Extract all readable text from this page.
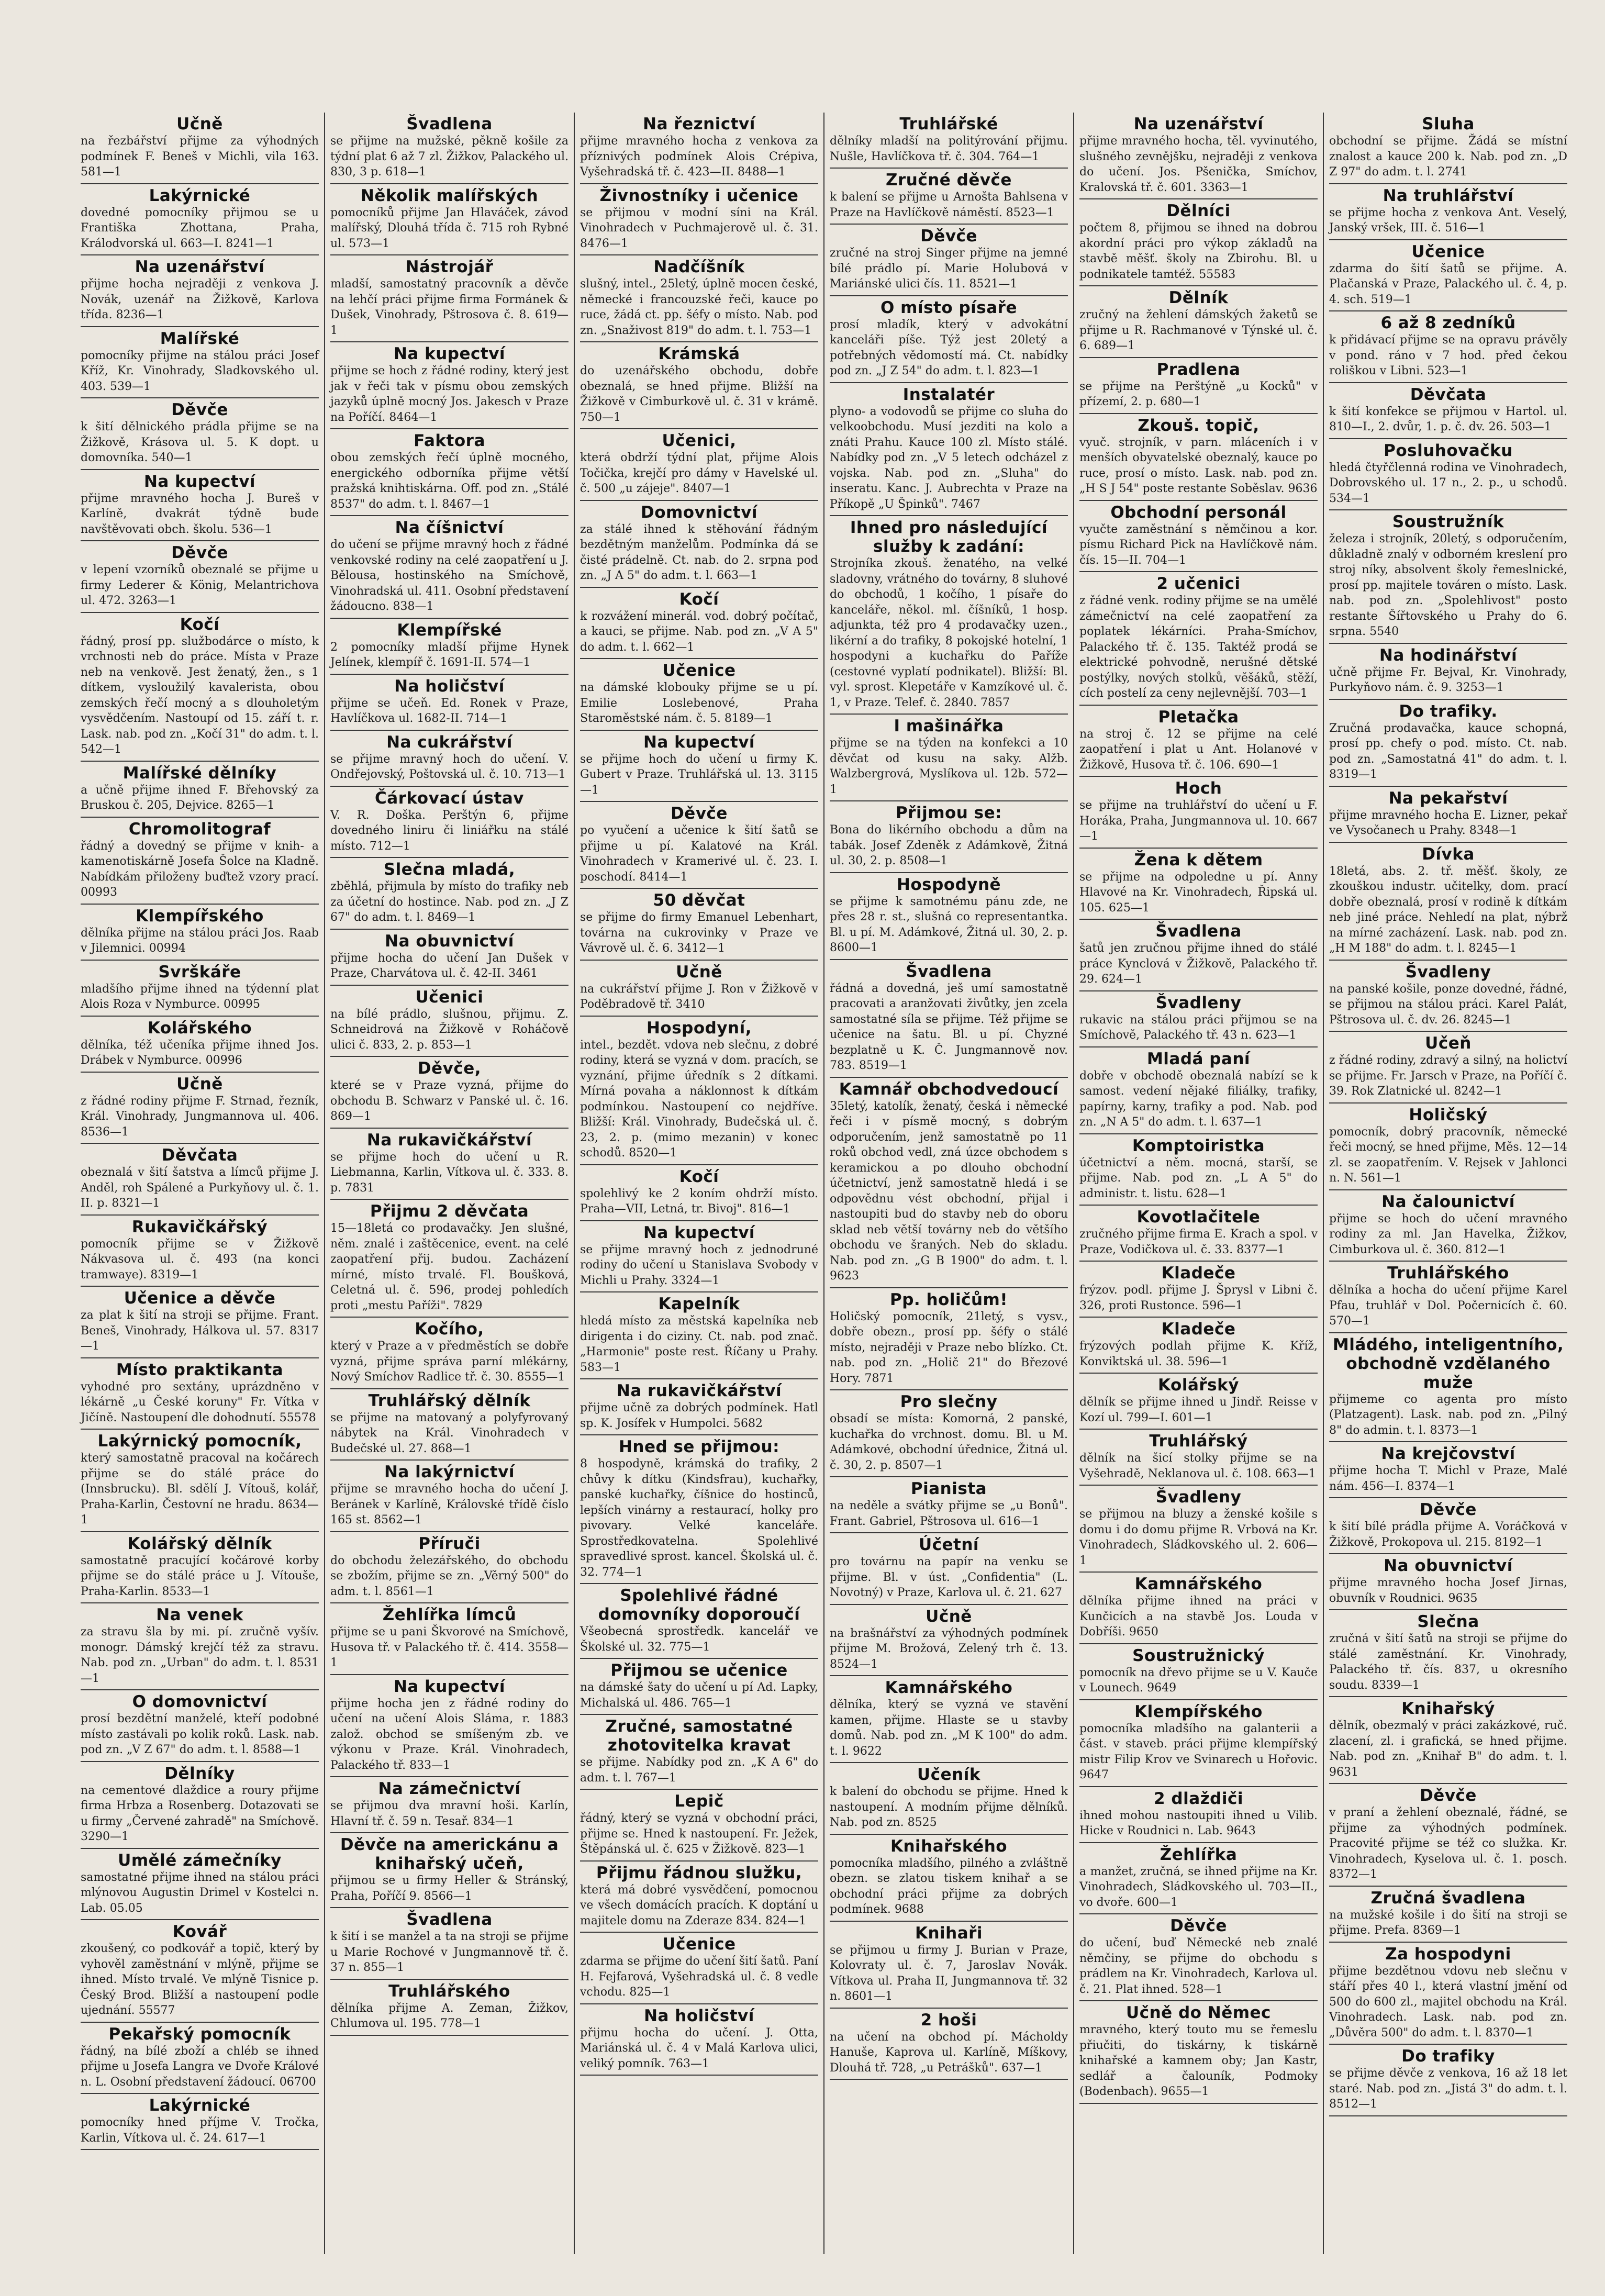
Učně
na řezbářství přijme za výhodných podmínek F. Beneš v Michli, vila 163. 581—1
Lakýrnické
dovedné pomocníky přijmou se u Františka Zhottana, Praha, Králodvorská ul. 663—I. 8241—1
Na uzenářství
přijme hocha nejraději z venkova J. Novák, uzenář na Žižkově, Karlova třída. 8236—1
Malířské
pomocníky přijme na stálou práci Josef Kříž, Kr. Vinohrady, Sladkovského ul. 403. 539—1
Děvče
k šití dělnického prádla přijme se na Žižkově, Krásova ul. 5. K dopt. u domovníka. 540—1
Na kupectví
přijme mravného hocha J. Bureš v Karlíně, dvakrát týdně bude navštěvovati obch. školu. 536—1
Děvče
v lepení vzorníků obeznalé se přijme u firmy Lederer & König, Melantrichova ul. 472. 3263—1
Kočí
řádný, prosí pp. službodárce o místo, k vrchnosti neb do práce. Místa v Praze neb na venkově. Jest ženatý, žen., s 1 dítkem, vysloužilý kavalerista, obou zemských řečí mocný a s dlouholetým vysvědčením. Nastoupí od 15. září t. r. Lask. nab. pod zn. „Kočí 31" do adm. t. l. 542—1
Malířské dělníky
a učně přijme ihned F. Břehovský za Bruskou č. 205, Dejvice. 8265—1
Chromolitograf
řádný a dovedný se přijme v knih- a kamenotiskárně Josefa Šolce na Kladně. Nabídkám přiloženy buďtež vzory prací. 00993
Klempířského
dělníka přijme na stálou práci Jos. Raab v Jilemnici. 00994
Svrškáře
mladšího přijme ihned na týdenní plat Alois Roza v Nymburce. 00995
Kolářského
dělníka, též učeníka přijme ihned Jos. Drábek v Nymburce. 00996
Učně
z řádné rodiny přijme F. Strnad, řezník, Král. Vinohrady, Jungmannova ul. 406. 8536—1
Děvčata
obeznalá v šití šatstva a límců přijme J. Anděl, roh Spálené a Purkyňovy ul. č. 1. II. p. 8321—1
Rukavičkářský
pomocník přijme se v Žižkově Nákvasova ul. č. 493 (na konci tramwaye). 8319—1
Učenice a děvče
za plat k šití na stroji se přijme. Frant. Beneš, Vinohrady, Hálkova ul. 57. 8317—1
Místo praktikanta
vyhodné pro sextány, uprázdněno v lékárně „u České koruny" Fr. Vítka v Jičíně. Nastoupení dle dohodnutí. 55578
Lakýrnický pomocník,
který samostatně pracoval na kočárech přijme se do stálé práce do (Innsbrucku). Bl. sdělí J. Vítouš, kolář, Praha-Karlin, Čestovní ne hradu. 8634—1
Kolářský dělník
samostatně pracující kočárové korby přijme se do stálé práce u J. Vítouše, Praha-Karlin. 8533—1
Na venek
za stravu šla by mi. pí. zručně vyšív. monogr. Dámský krejčí též za stravu. Nab. pod zn. „Urban" do adm. t. l. 8531—1
O domovnictví
prosí bezdětní manželé, kteří podobné místo zastávali po kolik roků. Lask. nab. pod zn. „V Z 67" do adm. t. l. 8588—1
Dělníky
na cementové dlaždice a roury přijme firma Hrbza a Rosenberg. Dotazovati se u firmy „Červené zahradě" na Smíchově. 3290—1
Umělé zámečníky
samostatné přijme ihned na stálou práci mlýnovou Augustin Drimel v Kostelci n. Lab. 05.05
Kovář
zkoušený, co podkovář a topič, který by vyhověl zaměstnání v mlýně, přijme se ihned. Místo trvalé. Ve mlýně Tisnice p. Český Brod. Bližší a nastoupení podle ujednání. 55577
Pekařský pomocník
řádný, na bílé zboží a chléb se ihned přijme u Josefa Langra ve Dvoře Králové n. L. Osobní představení žádoucí. 06700
Lakýrnické
pomocníky hned příjme V. Tročka, Karlin, Vítkova ul. č. 24. 617—1
Švadlena
se přijme na mužské, pěkně košile za týdní plat 6 až 7 zl. Žižkov, Palackého ul. 830, 3 p. 618—1
Několik malířských
pomocníků přijme Jan Hlaváček, závod malířský, Dlouhá třída č. 715 roh Rybné ul. 573—1
Nástrojář
mladší, samostatný pracovník a děvče na lehčí práci přijme firma Formánek & Dušek, Vinohrady, Pštrosova č. 8. 619—1
Na kupectví
přijme se hoch z řádné rodiny, který jest jak v řeči tak v písmu obou zemských jazyků úplně mocný Jos. Jakesch v Praze na Poříčí. 8464—1
Faktora
obou zemských řečí úplně mocného, energického odborníka přijme větší pražská knihtiskárna. Off. pod zn. „Stálé 8537" do adm. t. l. 8467—1
Na číšnictví
do učení se přijme mravný hoch z řádné venkovské rodiny na celé zaopatření u J. Bělousa, hostinského na Smíchově, Vinohradská ul. 411. Osobní představení žádoucno. 838—1
Klempířské
2 pomocníky mladší přijme Hynek Jelínek, klempíř č. 1691-II. 574—1
Na holičství
přijme se učeň. Ed. Ronek v Praze, Havlíčkova ul. 1682-II. 714—1
Na cukrářství
se přijme mravný hoch do učení. V. Ondřejovský, Poštovská ul. č. 10. 713—1
Čárkovací ústav
V. R. Doška. Perštýn 6, přijme dovedného liniru či liniářku na stálé místo. 712—1
Slečna mladá,
zběhlá, přijmula by místo do trafiky neb za účetní do hostince. Nab. pod zn. „J Z 67" do adm. t. l. 8469—1
Na obuvnictví
přijme hocha do učení Jan Dušek v Praze, Charvátova ul. č. 42-II. 3461
Učenici
na bílé prádlo, slušnou, přijmu. Z. Schneidrová na Žižkově v Roháčově ulici č. 833, 2. p. 853—1
Děvče,
které se v Praze vyzná, přijme do obchodu B. Schwarz v Panské ul. č. 16. 869—1
Na rukavičkářství
se přijme hoch do učení u R. Liebmanna, Karlin, Vítkova ul. č. 333. 8. p. 7831
Přijmu 2 děvčata
15—18letá co prodavačky. Jen slušné, něm. znalé i zaštěcenice, event. na celé zaopatření přij. budou. Zacházení mírné, místo trvalé. Fl. Boušková, Celetná ul. č. 596, prodej pohledích proti „mestu Paříži". 7829
Kočího,
který v Praze a v předměstích se dobře vyzná, přijme správa parní mlékárny, Nový Smíchov Radlice tř. č. 30. 8555—1
Truhlářský dělník
se přijme na matovaný a polyfyrovaný nábytek na Král. Vinohradech v Budečské ul. 27. 868—1
Na lakýrnictví
přijme se mravného hocha do učení J. Beránek v Karlíně, Královské třídě číslo 165 st. 8562—1
Příruči
do obchodu železářského, do obchodu se zbožím, přijme se zn. „Věrný 500" do adm. t. l. 8561—1
Žehlířka límců
přijme se u pani Škvorové na Smíchově, Husova tř. v Palackého tř. č. 414. 3558—1
Na kupectví
přijme hocha jen z řádné rodiny do učení na učení Alois Sláma, r. 1883 založ. obchod se smíšeným zb. ve výkonu v Praze. Král. Vinohradech, Palackého tř. 833—1
Na zámečnictví
se přijmou dva mravní hoši. Karlín, Hlavní tř. č. 59 n. Tesař. 834—1
Děvče na americkánu a knihařský učeň,
přijmou se u firmy Heller & Stránský, Praha, Poříčí 9. 8566—1
Švadlena
k šití i se manžel a ta na stroji se přijme u Marie Rochové v Jungmannově tř. č. 37 n. 855—1
Truhlářského
dělníka přijme A. Zeman, Žižkov, Chlumova ul. 195. 778—1
Na řeznictví
přijme mravného hocha z venkova za příznivých podmínek Alois Crépiva, Vyšehradská tř. č. 423—II. 8488—1
Živnostníky i učenice
se přijmou v modní síni na Král. Vinohradech v Puchmajerově ul. č. 31. 8476—1
Nadčíšník
slušný, intel., 25letý, úplně mocen české, německé i francouzské řeči, kauce po ruce, žádá ct. pp. šéfy o místo. Nab. pod zn. „Snaživost 819" do adm. t. l. 753—1
Krámská
do uzenářského obchodu, dobře obeznalá, se hned přijme. Bližší na Žižkově v Cimburkově ul. č. 31 v krámě. 750—1
Učenici,
která obdrží týdní plat, přijme Alois Točička, krejčí pro dámy v Havelské ul. č. 500 „u zájeje". 8407—1
Domovnictví
za stálé ihned k stěhování řádným bezdětným manželům. Podmínka dá se čisté prádelně. Ct. nab. do 2. srpna pod zn. „J A 5" do adm. t. l. 663—1
Kočí
k rozvážení minerál. vod. dobrý počítač, a kauci, se přijme. Nab. pod zn. „V A 5" do adm. t. l. 662—1
Učenice
na dámské klobouky přijme se u pí. Emilie Loslebenové, Praha Staroměstské nám. č. 5. 8189—1
Na kupectví
se přijme hoch do učení u firmy K. Gubert v Praze. Truhlářská ul. 13. 3115—1
Děvče
po vyučení a učenice k šití šatů se přijme u pí. Kalatové na Král. Vinohradech v Kramerivé ul. č. 23. I. poschodí. 8414—1
50 děvčat
se přijme do firmy Emanuel Lebenhart, továrna na cukrovinky v Praze ve Vávrově ul. č. 6. 3412—1
Učně
na cukrářství přijme J. Ron v Žižkově v Poděbradově tř. 3410
Hospodyní,
intel., bezdět. vdova neb slečnu, z dobré rodiny, která se vyzná v dom. pracích, se vyznání, přijme úředník s 2 dítkami. Mírná povaha a náklonnost k dítkám podmínkou. Nastoupení co nejdříve. Bližší: Král. Vinohrady, Budečská ul. č. 23, 2. p. (mimo mezanin) v konec schodů. 8520—1
Kočí
spolehlivý ke 2 koním ohdrží místo. Praha—VII, Letná, tr. Bivoj". 816—1
Na kupectví
se přijme mravný hoch z jednodruné rodiny do učení u Stanislava Svobody v Michli u Prahy. 3324—1
Kapelník
hledá místo za městská kapelníka neb dirigenta i do ciziny. Ct. nab. pod znač. „Harmonie" poste rest. Říčany u Prahy. 583—1
Na rukavičkářství
přijme učně za dobrých podmínek. Hatl sp. K. Josífek v Humpolci. 5682
Hned se přijmou:
8 hospodyně, krámská do trafiky, 2 chůvy k dítku (Kindsfrau), kuchařky, panské kuchařky, číšnice do hostinců, lepších vinárny a restaurací, holky pro pivovary. Velké kanceláře. Sprostředkovatelna. Spolehlivé spravedlivé sprost. kancel. Školská ul. č. 32. 774—1
Spolehlivé řádné domovníky doporoučí
Všeobecná sprostředk. kancelář ve Školské ul. 32. 775—1
Přijmou se učenice
na dámské šaty do učení u pí Ad. Lapky, Michalská ul. 486. 765—1
Zručné, samostatné zhotovitelka kravat
se přijme. Nabídky pod zn. „K A 6" do adm. t. l. 767—1
Lepič
řádný, který se vyzná v obchodní práci, přijme se. Hned k nastoupení. Fr. Ježek, Štěpánská ul. č. 625 v Žižkově. 823—1
Přijmu řádnou služku,
která má dobré vysvědčení, pomocnou ve všech domácích pracích. K doptání u majitele domu na Zderaze 834. 824—1
Učenice
zdarma se přijme do učení šití šatů. Paní H. Fejfarová, Vyšehradská ul. č. 8 vedle vchodu. 825—1
Na holičství
přijmu hocha do učení. J. Otta, Mariánská ul. č. 4 v Malá Karlova ulici, veliký pomník. 763—1
Truhlářské
dělníky mladší na politýrování přijmu. Nušle, Havlíčkova tř. č. 304. 764—1
Zručné děvče
k balení se přijme u Arnošta Bahlsena v Praze na Havlíčkově náměstí. 8523—1
Děvče
zručné na stroj Singer přijme na jemné bílé prádlo pí. Marie Holubová v Mariánské ulici čís. 11. 8521—1
O místo písaře
prosí mladík, který v advokátní kanceláři píše. Týž jest 20letý a potřebných vědomostí má. Ct. nabídky pod zn. „J Z 54" do adm. t. l. 823—1
Instalatér
plyno- a vodovodů se přijme co sluha do velkoobchodu. Musí jezditi na kolo a znáti Prahu. Kauce 100 zl. Místo stálé. Nabídky pod zn. „V 5 letech odcházel z vojska. Nab. pod zn. „Sluha" do inseratu. Kanc. J. Aubrechta v Praze na Příkopě „U Špinků". 7467
Ihned pro následující služby k zadání:
Strojníka zkouš. ženatého, na velké sladovny, vrátného do továrny, 8 sluhové do obchodů, 1 kočího, 1 písaře do kanceláře, někol. ml. číšníků, 1 hosp. adjunkta, též pro 4 prodavačky uzen., likérní a do trafiky, 8 pokojské hotelní, 1 hospodyni a kuchařku do Paříže (cestovné vyplatí podnikatel). Bližší: Bl. vyl. sprost. Klepetáře v Kamzíkové ul. č. 1, v Praze. Telef. č. 2840. 7857
I mašinářka
přijme se na týden na konfekci a 10 děvčat od kusu na saky. Alžb. Walzbergrová, Myslíkova ul. 12b. 572—1
Přijmou se:
Bona do likérního obchodu a dům na tabák. Josef Zdeněk z Adámkově, Žitná ul. 30, 2. p. 8508—1
Hospodyně
se přijme k samotnému pánu zde, ne přes 28 r. st., slušná co representantka. Bl. u pí. M. Adámkové, Žitná ul. 30, 2. p. 8600—1
Švadlena
řádná a dovedná, ješ umí samostatně pracovati a aranžovati živůtky, jen zcela samostatné síla se přijme. Též přijme se učenice na šatu. Bl. u pí. Chyzné bezplatně u K. Č. Jungmannově nov. 783. 8519—1
Kamnář obchodvedoucí
35letý, katolík, ženatý, česká i německé řeči i v písmě mocný, s dobrým odporučením, jenž samostatně po 11 roků obchod vedl, zná úzce obchodem s keramickou a po dlouho obchodní účetnictví, jenž samostatně hledá i se odpovědnu vést obchodní, přijal i nastoupiti bud do stavby neb do oboru sklad neb větší továrny neb do většího obchodu ve šraných. Neb do skladu. Nab. pod zn. „G B 1900" do adm. t. l. 9623
Pp. holičům!
Holičský pomocník, 21letý, s vysv., dobře obezn., prosí pp. šéfy o stálé místo, nejraději v Praze nebo blízko. Ct. nab. pod zn. „Holič 21" do Březové Hory. 7871
Pro slečny
obsadí se místa: Komorná, 2 panské, kuchařka do vrchnost. domu. Bl. u M. Adámkové, obchodní úřednice, Žitná ul. č. 30, 2. p. 8507—1
Pianista
na neděle a svátky přijme se „u Bonů". Frant. Gabriel, Pštrosova ul. 616—1
Účetní
pro továrnu na papír na venku se přijme. Bl. v úst. „Confidentia" (L. Novotný) v Praze, Karlova ul. č. 21. 627
Učně
na brašnářství za výhodných podmínek přijme M. Brožová, Zelený trh č. 13. 8524—1
Kamnářského
dělníka, který se vyzná ve stavění kamen, přijme. Hlaste se u stavby domů. Nab. pod zn. „M K 100" do adm. t. l. 9622
Učeník
k balení do obchodu se přijme. Hned k nastoupení. A modním přijme dělníků. Nab. pod zn. 8525
Knihařského
pomocníka mladšího, pilného a zvláštně obezn. se zlatou tiskem knihař a se obchodní práci přijme za dobrých podmínek. 9688
Knihaři
se přijmou u firmy J. Burian v Praze, Kolovraty ul. č. 7, Jaroslav Novák. Vítkova ul. Praha II, Jungmannova tř. 32 n. 8601—1
2 hoši
na učení na obchod pí. Mácholdy Hanuše, Kaprova ul. Karlíně, Míškovy, Dlouhá tř. 728, „u Petrášků". 637—1
Na uzenářství
přijme mravného hocha, těl. vyvinutého, slušného zevnějšku, nejraději z venkova do učení. Jos. Pšenička, Smíchov, Kralovská tř. č. 601. 3363—1
Dělníci
počtem 8, přijmou se ihned na dobrou akordní práci pro výkop základů na stavbě měšť. školy na Zbirohu. Bl. u podnikatele tamtéž. 55583
Dělník
zručný na žehlení dámských žaketů se přijme u R. Rachmanové v Týnské ul. č. 6. 689—1
Pradlena
se přijme na Perštýně „u Kocků" v přízemí, 2. p. 680—1
Zkouš. topič,
vyuč. strojník, v parn. mláceních i v menších obyvatelské obeznalý, kauce po ruce, prosí o místo. Lask. nab. pod zn. „H S J 54" poste restante Soběslav. 9636
Obchodní personál
vyučte zaměstnání s němčinou a kor. písmu Richard Pick na Havlíčkově nám. čís. 15—II. 704—1
2 učenici
z řádné venk. rodiny přijme se na umělé zámečnictví na celé zaopatření za poplatek lékárníci. Praha-Smíchov, Palackého tř. č. 135. Taktéž prodá se elektrické pohvodně, nerušné dětské postýlky, nových stolků, věšáků, stěží, cích postelí za ceny nejlevnější. 703—1
Pletačka
na stroj č. 12 se přijme na celé zaopatření i plat u Ant. Holanové v Žižkově, Husova tř. č. 106. 690—1
Hoch
se přijme na truhlářství do učení u F. Horáka, Praha, Jungmannova ul. 10. 667—1
Žena k dětem
se přijme na odpoledne u pí. Anny Hlavové na Kr. Vinohradech, Řipská ul. 105. 625—1
Švadlena
šatů jen zručnou přijme ihned do stálé práce Kynclová v Žižkově, Palackého tř. 29. 624—1
Švadleny
rukavic na stálou práci přijmou se na Smíchově, Palackého tř. 43 n. 623—1
Mladá paní
dobře v obchodě obeznalá nabízí se k samost. vedení nějaké filiálky, trafiky, papírny, karny, trafiky a pod. Nab. pod zn. „N A 5" do adm. t. l. 637—1
Komptoiristka
účetnictví a něm. mocná, starší, se přijme. Nab. pod zn. „L A 5" do administr. t. listu. 628—1
Kovotlačitele
zručného přijme firma E. Krach a spol. v Praze, Vodičkova ul. č. 33. 8377—1
Kladeče
frýzov. podl. přijme J. Šprysl v Libni č. 326, proti Rustonce. 596—1
Kladeče
frýzových podlah přijme K. Kříž, Konviktská ul. 38. 596—1
Kolářský
dělník se přijme ihned u Jindř. Reisse v Kozí ul. 799—I. 601—1
Truhlářský
dělník na šicí stolky přijme se na Vyšehradě, Neklanova ul. č. 108. 663—1
Švadleny
se přijmou na bluzy a ženské košile s domu i do domu přijme R. Vrbová na Kr. Vinohradech, Sládkovského ul. 2. 606—1
Kamnářského
dělníka přijme ihned na práci v Kunčicích a na stavbě Jos. Louda v Dobříši. 9650
Soustružnický
pomocník na dřevo přijme se u V. Kauče v Lounech. 9649
Klempířského
pomocníka mladšího na galanterii a část. v staveb. práci přijme klempířský mistr Filip Krov ve Svinarech u Hořovic. 9647
2 dlaždiči
ihned mohou nastoupiti ihned u Vilib. Hicke v Roudnici n. Lab. 9643
Žehlířka
a manžet, zručná, se ihned přijme na Kr. Vinohradech, Sládkovského ul. 703—II., vo dvoře. 600—1
Děvče
do učení, buď Německé neb znalé němčiny, se přijme do obchodu s prádlem na Kr. Vinohradech, Karlova ul. č. 21. Plat ihned. 528—1
Učně do Němec
mravného, který touto mu se řemeslu přiučiti, do tiskárny, k tiskárně knihařské a kamnem oby; Jan Kastr, sedlář a čalouník, Podmoky (Bodenbach). 9655—1
Sluha
obchodní se přijme. Žádá se místní znalost a kauce 200 k. Nab. pod zn. „D Z 97" do adm. t. l. 2741
Na truhlářství
se přijme hocha z venkova Ant. Veselý, Janský vršek, III. č. 516—1
Učenice
zdarma do šití šatů se přijme. A. Plačanská v Praze, Palackého ul. č. 4, p. 4. sch. 519—1
6 až 8 zedníků
k přidávací přijme se na opravu právěly v pond. ráno v 7 hod. před čekou roliškou v Libni. 523—1
Děvčata
k šití konfekce se přijmou v Hartol. ul. 810—I., 2. dvůr, 1. p. č. dv. 26. 503—1
Posluhovačku
hledá čtyřčlenná rodina ve Vinohradech, Dobrovského ul. 17 n., 2. p., u schodů. 534—1
Soustružník
železa i strojník, 20letý, s odporučením, důkladně znalý v odborném kreslení pro stroj níky, absolvent školy řemeslnické, prosí pp. majitele továren o místo. Lask. nab. pod zn. „Spolehlivost" posto restante Šířtovského u Prahy do 6. srpna. 5540
Na hodinářství
učně přijme Fr. Bejval, Kr. Vinohrady, Purkyňovo nám. č. 9. 3253—1
Do trafiky.
Zručná prodavačka, kauce schopná, prosí pp. chefy o pod. místo. Ct. nab. pod zn. „Samostatná 41" do adm. t. l. 8319—1
Na pekařství
přijme mravného hocha E. Lizner, pekař ve Vysočanech u Prahy. 8348—1
Dívka
18letá, abs. 2. tř. měšť. školy, ze zkouškou industr. učitelky, dom. prací dobře obeznalá, prosí v rodině k dítkám neb jiné práce. Nehledí na plat, nýbrž na mírné zacházení. Lask. nab. pod zn. „H M 188" do adm. t. l. 8245—1
Švadleny
na panské košile, ponze dovedné, řádné, se přijmou na stálou práci. Karel Palát, Pštrosova ul. č. dv. 26. 8245—1
Učeň
z řádné rodiny, zdravý a silný, na holictví se přijme. Fr. Jarsch v Praze, na Poříčí č. 39. Rok Zlatnické ul. 8242—1
Holičský
pomocník, dobrý pracovník, německé řeči mocný, se hned přijme, Měs. 12—14 zl. se zaopatřením. V. Rejsek v Jahlonci n. N. 561—1
Na čalounictví
přijme se hoch do učení mravného rodiny za ml. Jan Havelka, Žižkov, Cimburkova ul. č. 360. 812—1
Truhlářského
dělníka a hocha do učení přijme Karel Pfau, truhlář v Dol. Počernicích č. 60. 570—1
Mládého, inteligentního, obchodně vzdělaného muže
přijmeme co agenta pro místo (Platzagent). Lask. nab. pod zn. „Pilný 8" do admin. t. l. 8373—1
Na krejčovství
přijme hocha T. Michl v Praze, Malé nám. 456—I. 8374—1
Děvče
k šití bílé prádla přijme A. Voráčková v Žižkově, Prokopova ul. 215. 8192—1
Na obuvnictví
přijme mravného hocha Josef Jirnas, obuvník v Roudnici. 9635
Slečna
zručná v šití šatů na stroji se přijme do stálé zaměstnání. Kr. Vinohrady, Palackého tř. čís. 837, u okresního soudu. 8339—1
Knihařský
dělník, obezmalý v práci zakázkové, ruč. zlacení, zl. i grafická, se hned přijme. Nab. pod zn. „Knihař B" do adm. t. l. 9631
Děvče
v praní a žehlení obeznalé, řádné, se přijme za výhodných podmínek. Pracovité přijme se též co služka. Kr. Vinohradech, Kyselova ul. č. 1. posch. 8372—1
Zručná švadlena
na mužské košile i do šití na stroji se přijme. Prefa. 8369—1
Za hospodyni
přijme bezdětnou vdovu neb slečnu v stáří přes 40 l., která vlastní jmění od 500 do 600 zl., majitel obchodu na Král. Vinohradech. Lask. nab. pod zn. „Důvěra 500" do adm. t. l. 8370—1
Do trafiky
se přijme děvče z venkova, 16 až 18 let staré. Nab. pod zn. „Jistá 3" do adm. t. l. 8512—1
